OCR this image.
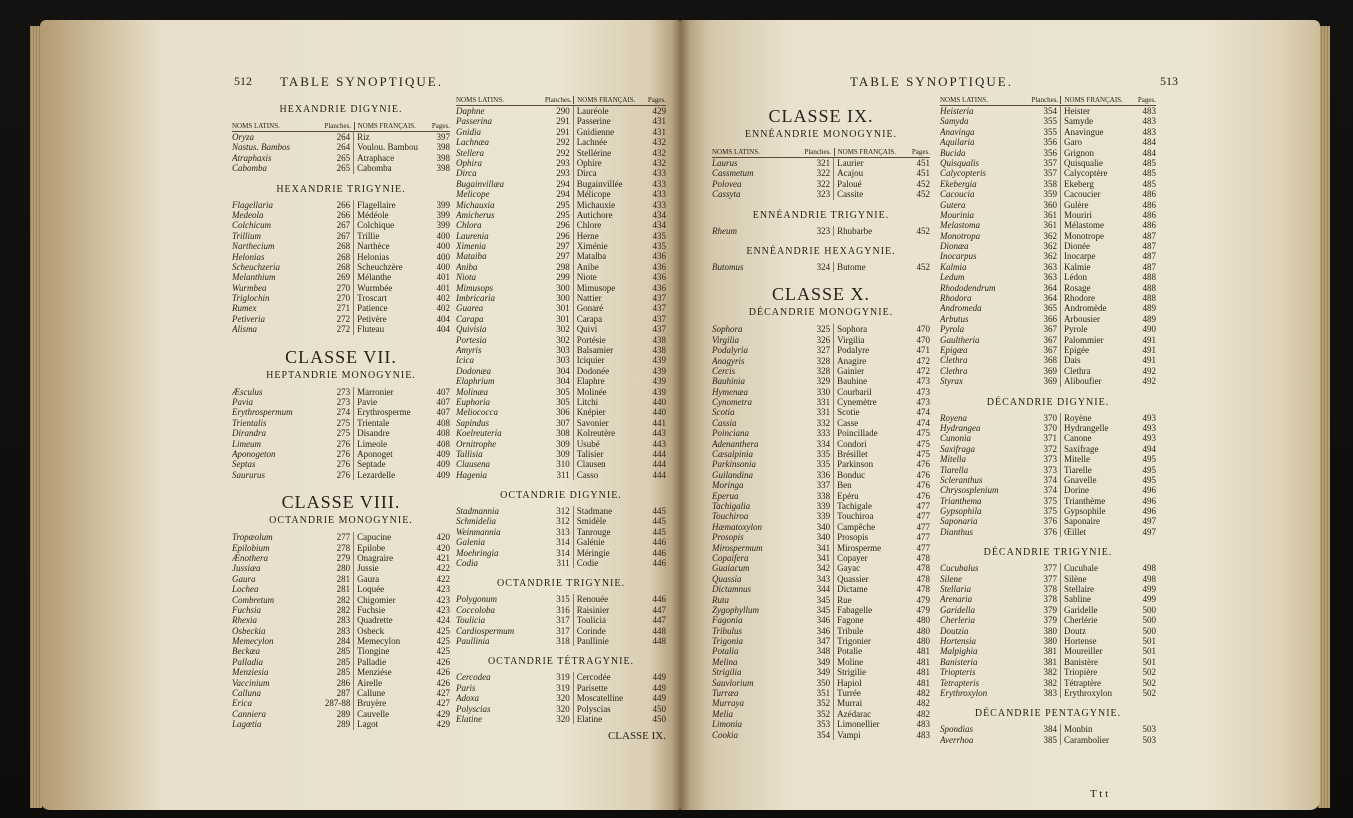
512 TABLE SYNOPTIQUE.	TABLE SYNOPTIQUE.	513
HEXANDRIE DIGYNIE.
NOMS LATINS.	Planches. NOMS FRANÇAIS.	Pages.
Oryza	264 Riz	397
Nastus. Bambos	264 Voulou. Bambou	398
Atraphaxis	265 Atraphace	398
Cabomba	265 Cabomba	398
HEXANDRIE TRIGYNIE.
Flagellaria	266 Flagellaire	399
Medeola	266 Médéole	399
Colchicum	267 Colchique	399
Trillium	267 Trillie	400
Narthecium	268 Narthèce	400
Helonias	268 Helonias	400
Scheuchzeria	268 Scheuchzère	400
Melanthium	269 Mélanthe	401
Wurmbea	270 Wurmbée	401
Triglochin	270 Troscart	402
Rumex	271 Patience	402
Petiveria	272 Petivère	404
Alisma	272 Fluteau	404
CLASSE VII.
HEPTANDRIE MONOGYNIE.
Æsculus	273 Marronier	407
Pavia	273 Pavie	407
Erythrospermum	274 Erythrosperme	407
Trientalis	275 Trientale	408
Dirandra	275 Disandre	408
Limeum	276 Limeole	408
Aponogeton	276 Aponoget	409
Septas	276 Septade	409
Saururus	276 Lezardelle	409
CLASSE VIII.
OCTANDRIE MONOGYNIE.
Tropæolum	277 Capucine	420
Epilobium	278 Epilobe	420
Ænothera	279 Onagraire	421
Jussiæa	280 Jussie	422
Gaura	281 Gaura	422
Lochea	281 Loquée	423
Combretum	282 Chigomier	423
Fuchsia	282 Fuchsie	423
Rhexia	283 Quadrette	424
Osbeckia	283 Osbeck	425
Memecylon	284 Memecylon	425
Beckæa	285 Tiongine	425
Palladia	285 Palladie	426
Menziesia	285 Menziése	426
Vaccinium	286 Airelle	426
Calluna	287 Callune	427
Erica	287-88 Bruyère	427
Canniera	289 Cauvelle	429
Lagœtia	289 Lagot	429
NOMS LATINS.	Planches. NOMS FRANÇAIS.	Pages.
Daphne	290 Lauréole	429
Passerina	291 Passerine	431
Gnidia	291 Gnidienne	431
Lachnæa	292 Lachnée	432
Stellera	292 Stellérine	432
Ophira	293 Ophire	432
Dirca	293 Dirca	433
Bugainvillæa	294 Bugainvillée	433
Melicope	294 Mélicope	433
Michauxia	295 Michauxie	433
Amicherus	295 Autichore	434
Chlora	296 Chlore	434
Laurenia	296 Herne	435
Ximenia	297 Ximénie	435
Mataiba	297 Matalba	436
Aniba	298 Anibe	436
Niota	299 Niote	436
Mimusops	300 Mimusope	436
Imbricaria	300 Nattier	437
Guarea	301 Gonaré	437
Carapa	301 Carapa	437
Quivisia	302 Quivi	437
Portesia	302 Portésie	438
Amyris	303 Balsamier	438
Icica	303 Iciquier	439
Dodonæa	304 Dodonée	439
Elaphrium	304 Elaphre	439
Molinæa	305 Molinée	439
Euphoria	305 Litchi	440
Meliococca	306 Knépier	440
Sapindus	307 Savonier	441
Koelreuteria	308 Kolreutère	443
Ornitrophe	309 Usubé	443
Tallisia	309 Talisier	444
Clausena	310 Clausen	444
Hagenia	311 Casso	444
OCTANDRIE DIGYNIE.
Stadmannia	312 Stadmane	445
Schmidelia	312 Smidèle	445
Weinmannia	313 Tanrouge	445
Galenia	314 Galénie	446
Moehringia	314 Méringie	446
Codia	311 Codie	446
OCTANDRIE TRIGYNIE.
Polygonum	315 Renouée	446
Coccoloba	316 Raisinier	447
Toulicia	317 Toulicia	447
Cardiospermum	317 Corinde	448
Paullinia	318 Paullinie	448
OCTANDRIE TÉTRAGYNIE.
Cercodea	319 Cercodée	449
Paris	319 Parisette	449
Adoxa	320 Moscatelline	449
Polyscias	320 Polyscias	450
Elatine	320 Elatine	450
CLASSE IX.
CLASSE IX.
ENNÉANDRIE MONOGYNIE.
NOMS LATINS.	Planches. NOMS FRANÇAIS.	Pages.
Laurus	321 Laurier	451
Cassmetum	322 Acajou	451
Polovea	322 Paloué	452
Cassyta	323 Cassite	452
ENNÉANDRIE TRIGYNIE.
Rheum	323 Rhubarbe	452
ENNÉANDRIE HEXAGYNIE.
Butomus	324 Butome	452
CLASSE X.
DÉCANDRIE MONOGYNIE.
Sophora	325 Sophora	470
Virgilia	326 Virgilia	470
Podalyria	327 Podalyre	471
Anagyris	328 Anagire	472
Cercis	328 Gainier	472
Bauhinia	329 Bauhine	473
Hymenæa	330 Courbaril	473
Cynometra	331 Cynemètre	473
Scotia	331 Scotie	474
Cassia	332 Casse	474
Poinciana	333 Poincillade	475
Adenanthera	334 Condori	475
Cæsalpinia	335 Brésillet	475
Parkinsonia	335 Parkinson	476
Guilandina	336 Bonduc	476
Moringa	337 Ben	476
Eperua	338 Epéru	476
Tachigalia	339 Tachigale	477
Touchiroa	339 Touchiroa	477
Hæmatoxylon	340 Campêche	477
Prosopis	340 Prosopis	477
Mirospermum	341 Mirosperme	477
Copaifera	341 Copayer	478
Guaiacum	342 Gayac	478
Quassia	343 Quassier	478
Dictamnus	344 Dictame	478
Ruta	345 Rue	479
Zygophyllum	345 Fabagelle	479
Fagonia	346 Fagone	480
Tribulus	346 Tribule	480
Trigonia	347 Trigonier	480
Potalia	348 Potalie	481
Melina	349 Moline	481
Strigilia	349 Strigilie	481
Sauvlorium	350 Hapiol	481
Turræa	351 Turrée	482
Murraya	352 Murrai	482
Melia	352 Azédarac	482
Limonia	353 Limonellier	483
Cookia	354 Vampi	483
NOMS LATINS.	Planches. NOMS FRANÇAIS.	Pages.
Heisteria	354 Heister	483
Samyda	355 Samyde	483
Anavinga	355 Anavingue	483
Aquilaria	356 Garo	484
Bucida	356 Grignon	484
Quisqualis	357 Quisqualie	485
Calycopteris	357 Calycoptère	485
Ekebergia	358 Ekeberg	485
Cacoucia	359 Cacoucier	486
Gutera	360 Gulère	486
Mourinia	361 Mouriri	486
Melastoma	361 Mélastome	486
Monotropa	362 Monotrope	487
Dionæa	362 Dionée	487
Inocarpus	362 Inocarpe	487
Kalmia	363 Kalmie	487
Ledum	363 Lédon	488
Rhododendrum	364 Rosage	488
Rhodora	364 Rhodore	488
Andromeda	365 Andromède	489
Arbutus	366 Arbousier	489
Pyrola	367 Pyrole	490
Gaultheria	367 Palommier	491
Epigæa	367 Epigée	491
Clethra	368 Dais	491
Clethra	369 Clethra	492
Styrax	369 Aliboufier	492
DÉCANDRIE DIGYNIE.
Royena	370 Royène	493
Hydrangea	370 Hydrangelle	493
Cunonia	371 Canone	493
Saxifraga	372 Saxifrage	494
Mitella	373 Mitelle	495
Tiarella	373 Tiarelle	495
Scleranthus	374 Gnavelle	495
Chrysosplenium	374 Dorine	496
Trianthema	375 Trianthème	496
Gypsophila	375 Gypsophile	496
Saponaria	376 Saponaire	497
Dianthus	376 Œillet	497
DÉCANDRIE TRIGYNIE.
Cucubalus	377 Cucubale	498
Silene	377 Silène	498
Stellaria	378 Stellaire	499
Arenaria	378 Sabline	499
Garidella	379 Garidelle	500
Cherleria	379 Cherlérie	500
Doutzia	380 Doutz	500
Hortensia	380 Hortense	501
Malpighia	381 Moureiller	501
Banisteria	381 Banistère	501
Triopteris	382 Triopière	502
Tetrapteris	382 Tétraptère	502
Erythroxylon	383 Erythroxylon	502
DÉCANDRIE PENTAGYNIE.
Spondias	384 Monbin	503
Averrhoa	385 Carambolier	503
T t t
